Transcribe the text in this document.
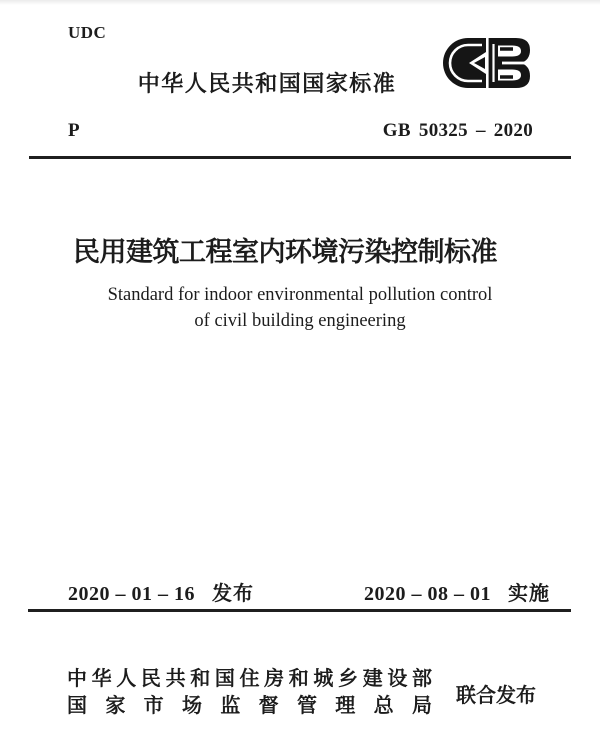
UDC
中华人民共和国国家标准
P	GB 50325 – 2020
民用建筑工程室内环境污染控制标准
Standard for indoor environmental pollution control
of civil building engineering
2020 – 01 – 16 发布	2020 – 08 – 01 实施
中 华 人 民 共 和 国 住 房 和 城 乡 建 设 部
国 家 市 场 监 督 管 理 总 局 联合发布
